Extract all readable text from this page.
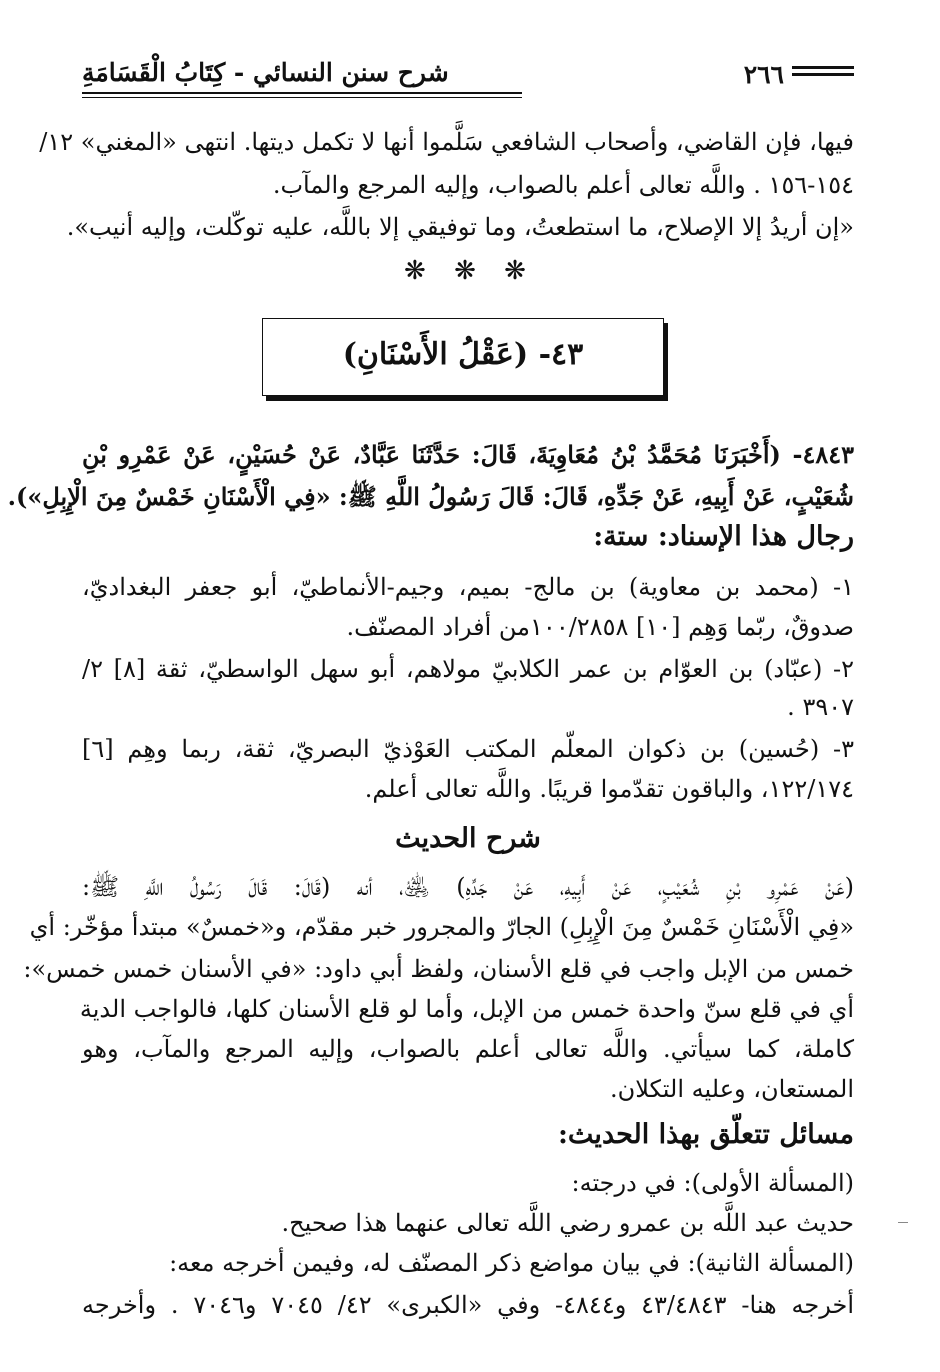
شرح سنن النسائي - كِتَابُ الْقَسَامَةِ	٢٦٦
فيها، فإن القاضي، وأصحاب الشافعي سَلَّموا أنها لا تكمل ديتها. انتهى «المغني» ١٢/
١٥٤-١٥٦ . واللَّه تعالى أعلم بالصواب، وإليه المرجع والمآب.
«إن أريدُ إلا الإصلاح، ما استطعتُ، وما توفيقي إلا باللَّه، عليه توكّلت، وإليه أنيب».
❋ ❋ ❋
٤٣- (عَقْلُ الأَسْنَانِ)
٤٨٤٣- (أَخْبَرَنَا مُحَمَّدُ بْنُ مُعَاوِيَةَ، قَالَ: حَدَّثَنَا عَبَّادٌ، عَنْ حُسَيْنٍ، عَنْ عَمْرِو بْنِ
شُعَيْبٍ، عَنْ أَبِيهِ، عَنْ جَدِّهِ، قَالَ: قَالَ رَسُولُ اللَّهِ ﷺ: «فِي الْأَسْنَانِ خَمْسٌ مِنَ الْإِبِلِ»).
رجال هذا الإسناد: ستة:
١- (محمد بن معاوية) بن مالج- بميم، وجيم-الأنماطيّ، أبو جعفر البغداديّ،
صدوقٌ، ربّما وَهِم [١٠] ١٠٠/٢٨٥٨من أفراد المصنّف.
٢- (عبّاد) بن العوّام بن عمر الكلابيّ مولاهم، أبو سهل الواسطيّ، ثقة [٨] ٢/
٣٩٠٧ .
٣- (حُسين) بن ذكوان المعلّم المكتب العَوْذيّ البصريّ، ثقة، ربما وهِم [٦]
١٢٢/١٧٤، والباقون تقدّموا قريبًا. واللَّه تعالى أعلم.
شرح الحديث
(عَنْ عَمْرِو بْنِ شُعَيْبٍ، عَنْ أَبِيهِ، عَنْ جَدِّهِ) ﵁، أنه (قَالَ: قَالَ رَسُولُ اللَّهِ ﷺ:
«فِي الْأَسْنَانِ خَمْسٌ مِنَ الْإِبِلِ) الجارّ والمجرور خبر مقدّم، و«خمسٌ» مبتدأ مؤخّر: أي
خمس من الإبل واجب في قلع الأسنان، ولفظ أبي داود: «في الأسنان خمس خمس»:
أي في قلع سنّ واحدة خمس من الإبل، وأما لو قلع الأسنان كلها، فالواجب الدية
كاملة، كما سيأتي. واللَّه تعالى أعلم بالصواب، وإليه المرجع والمآب، وهو
المستعان، وعليه التكلان.
مسائل تتعلّق بهذا الحديث:
(المسألة الأولى): في درجته:
حديث عبد اللَّه بن عمرو رضي اللَّه تعالى عنهما هذا صحيح.
(المسألة الثانية): في بيان مواضع ذكر المصنّف له، وفيمن أخرجه معه:
أخرجه هنا- ٤٣/٤٨٤٣ و٤٨٤٤- وفي «الكبرى» ٤٢/ ٧٠٤٥ و٧٠٤٦ . وأخرجه
